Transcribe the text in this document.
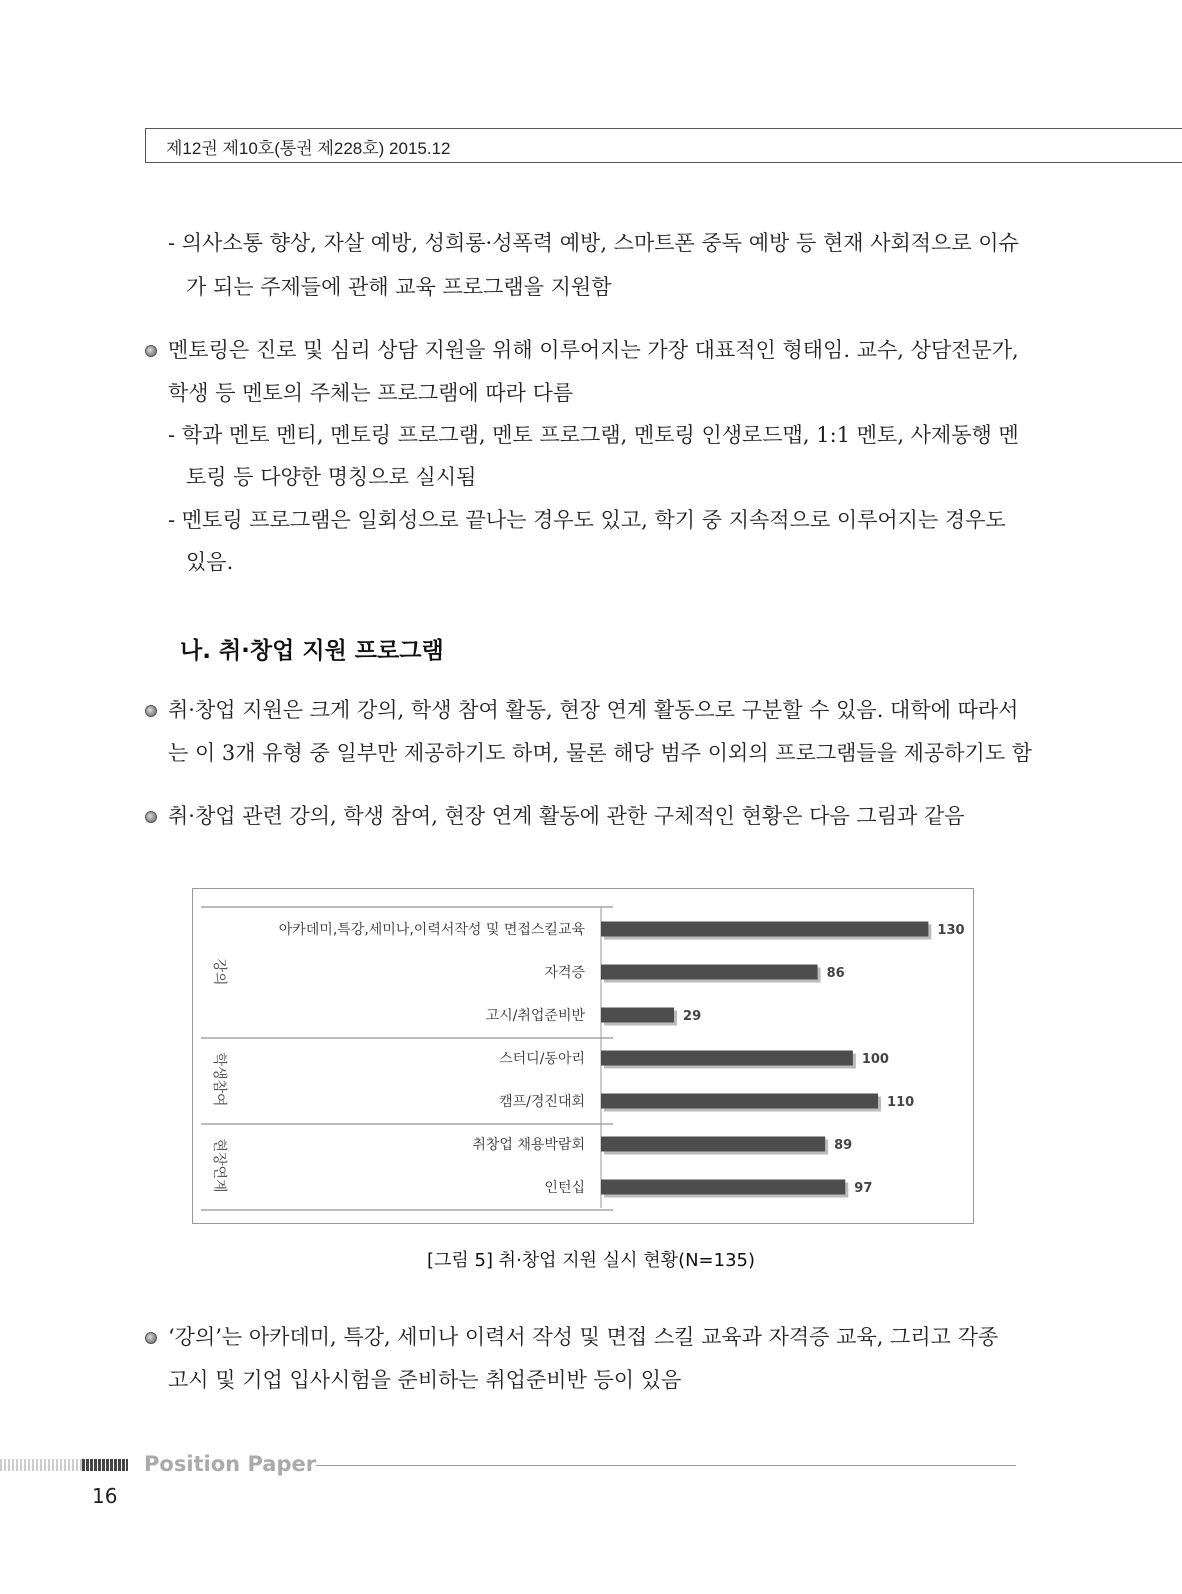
제12권 제10호(통권 제228호) 2015.12
- 의사소통 향상, 자살 예방, 성희롱·성폭력 예방, 스마트폰 중독 예방 등 현재 사회적으로 이슈
가 되는 주제들에 관해 교육 프로그램을 지원함
멘토링은 진로 및 심리 상담 지원을 위해 이루어지는 가장 대표적인 형태임. 교수, 상담전문가,
학생 등 멘토의 주체는 프로그램에 따라 다름
- 학과 멘토 멘티, 멘토링 프로그램, 멘토 프로그램, 멘토링 인생로드맵, 1:1 멘토, 사제동행 멘
토링 등 다양한 명칭으로 실시됨
- 멘토링 프로그램은 일회성으로 끝나는 경우도 있고, 학기 중 지속적으로 이루어지는 경우도
있음.
나. 취·창업 지원 프로그램
취·창업 지원은 크게 강의, 학생 참여 활동, 현장 연계 활동으로 구분할 수 있음. 대학에 따라서
는 이 3개 유형 중 일부만 제공하기도 하며, 물론 해당 범주 이외의 프로그램들을 제공하기도 함
취·창업 관련 강의, 학생 참여, 현장 연계 활동에 관한 구체적인 현황은 다음 그림과 같음
강의
학생참여
현장연계
아카데미,특강,세미나,이력서작성 및 면접스킬교육	130
자격증	86
고시/취업준비반	29
스터디/동아리	100
캠프/경진대회	110
취창업 채용박람회	89
인턴십	97
[그림 5] 취·창업 지원 실시 현황(N=135)
‘강의’는 아카데미, 특강, 세미나 이력서 작성 및 면접 스킬 교육과 자격증 교육, 그리고 각종
고시 및 기업 입사시험을 준비하는 취업준비반 등이 있음
Position Paper
16
